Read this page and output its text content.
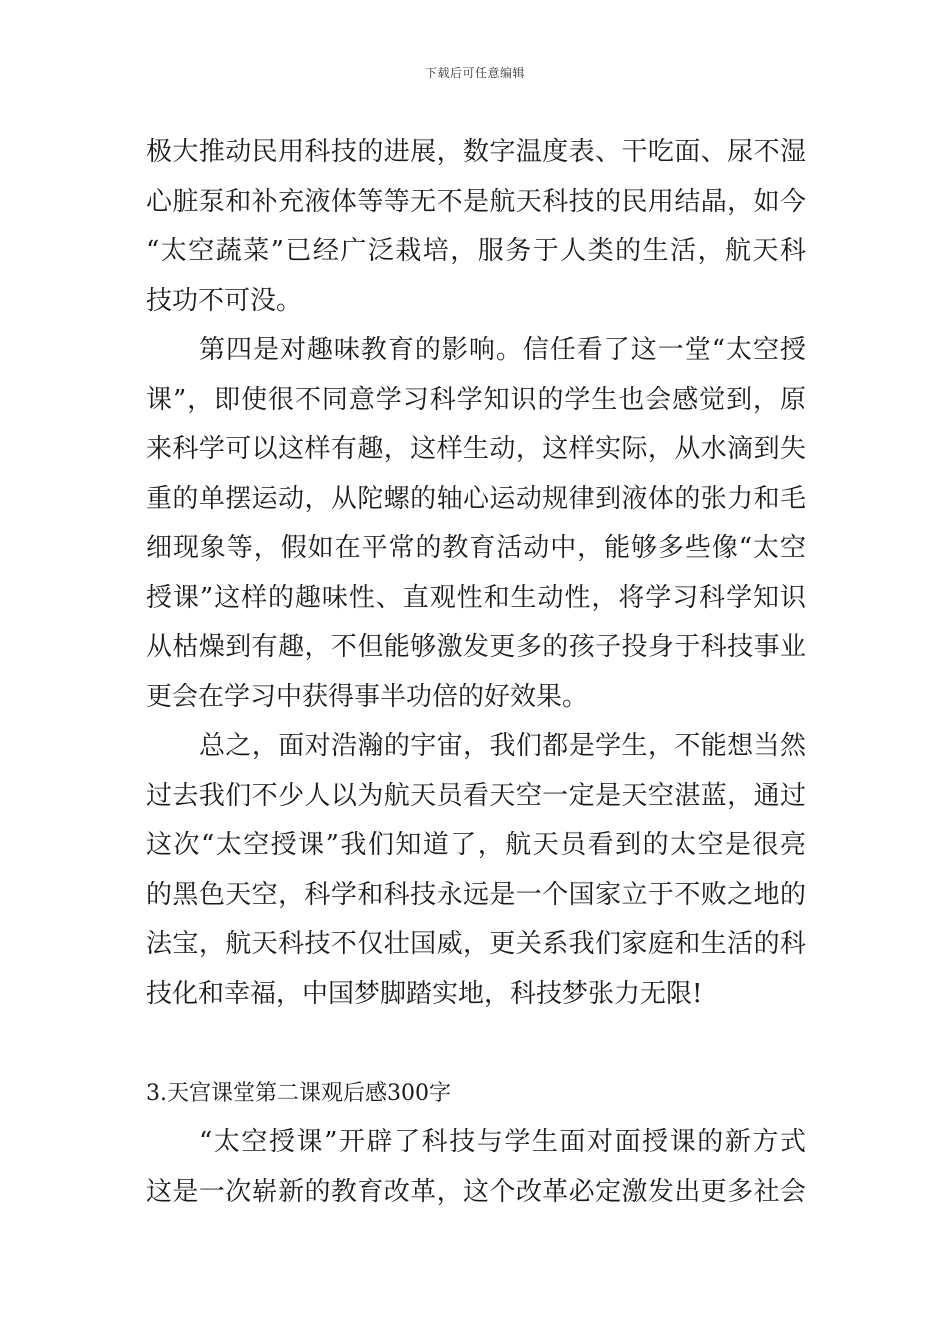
下载后可任意编辑
极大推动民用科技的进展，数字温度表、干吃面、尿不湿
心脏泵和补充液体等等无不是航天科技的民用结晶，如今
“太空蔬菜”已经广泛栽培，服务于人类的生活，航天科
技功不可没。
第四是对趣味教育的影响。信任看了这一堂“太空授
课”，即使很不同意学习科学知识的学生也会感觉到，原
来科学可以这样有趣，这样生动，这样实际，从水滴到失
重的单摆运动，从陀螺的轴心运动规律到液体的张力和毛
细现象等，假如在平常的教育活动中，能够多些像“太空
授课”这样的趣味性、直观性和生动性，将学习科学知识
从枯燥到有趣，不但能够激发更多的孩子投身于科技事业
更会在学习中获得事半功倍的好效果。
总之，面对浩瀚的宇宙，我们都是学生，不能想当然
过去我们不少人以为航天员看天空一定是天空湛蓝，通过
这次“太空授课”我们知道了，航天员看到的太空是很亮
的黑色天空，科学和科技永远是一个国家立于不败之地的
法宝，航天科技不仅壮国威，更关系我们家庭和生活的科
技化和幸福，中国梦脚踏实地，科技梦张力无限!
3.天宫课堂第二课观后感300字
“太空授课”开辟了科技与学生面对面授课的新方式
这是一次崭新的教育改革，这个改革必定激发出更多社会
